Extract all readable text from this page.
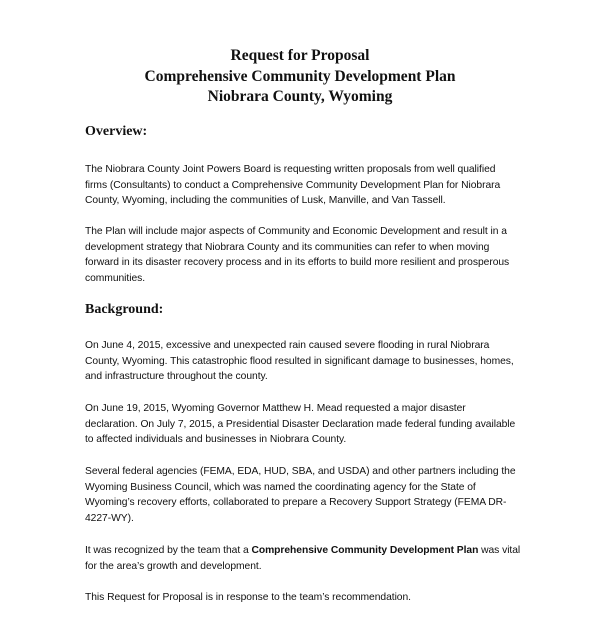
Request for Proposal
Comprehensive Community Development Plan
Niobrara County, Wyoming
Overview:
The Niobrara County Joint Powers Board is requesting written proposals from well qualified
firms (Consultants) to conduct a Comprehensive Community Development Plan for Niobrara
County, Wyoming, including the communities of Lusk, Manville, and Van Tassell.
The Plan will include major aspects of Community and Economic Development and result in a
development strategy that Niobrara County and its communities can refer to when moving
forward in its disaster recovery process and in its efforts to build more resilient and prosperous
communities.
Background:
On June 4, 2015, excessive and unexpected rain caused severe flooding in rural Niobrara
County, Wyoming. This catastrophic flood resulted in significant damage to businesses, homes,
and infrastructure throughout the county.
On June 19, 2015, Wyoming Governor Matthew H. Mead requested a major disaster
declaration. On July 7, 2015, a Presidential Disaster Declaration made federal funding available
to affected individuals and businesses in Niobrara County.
Several federal agencies (FEMA, EDA, HUD, SBA, and USDA) and other partners including the
Wyoming Business Council, which was named the coordinating agency for the State of
Wyoming’s recovery efforts, collaborated to prepare a Recovery Support Strategy (FEMA DR-
4227-WY).
It was recognized by the team that a Comprehensive Community Development Plan was vital
for the area’s growth and development.
This Request for Proposal is in response to the team’s recommendation.
